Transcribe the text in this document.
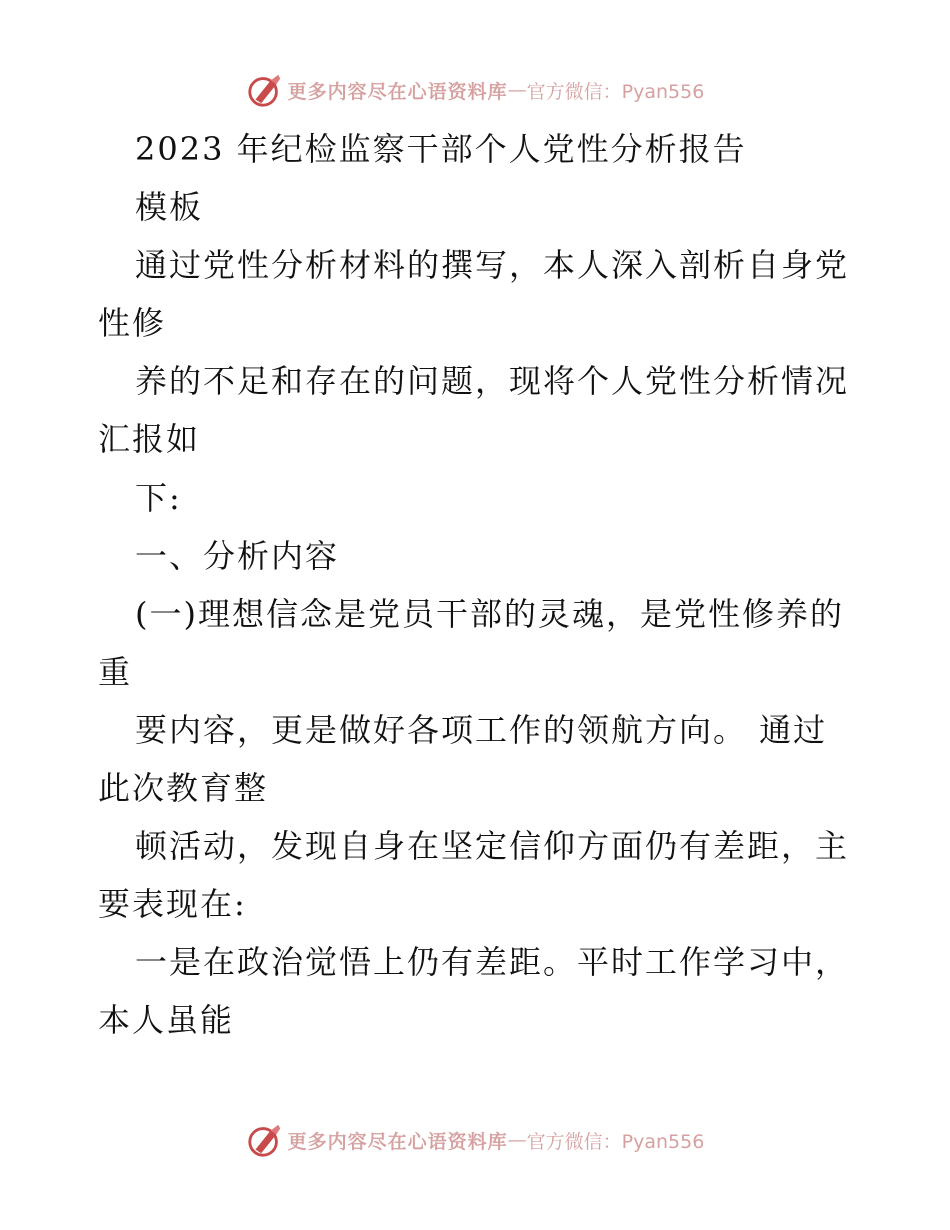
更多内容尽在心语资料库 — 官方微信：Pyan556
2023 年纪检监察干部个人党性分析报告
模板
通过党性分析材料的撰写，本人深入剖析自身党
性修
养的不足和存在的问题，现将个人党性分析情况
汇报如
下:
一、分析内容
(一)理想信念是党员干部的灵魂，是党性修养的
重
要内容，更是做好各项工作的领航方向。 通过
此次教育整
顿活动，发现自身在坚定信仰方面仍有差距，主
要表现在:
一是在政治觉悟上仍有差距。平时工作学习中，
本人虽能
更多内容尽在心语资料库 — 官方微信：Pyan556
